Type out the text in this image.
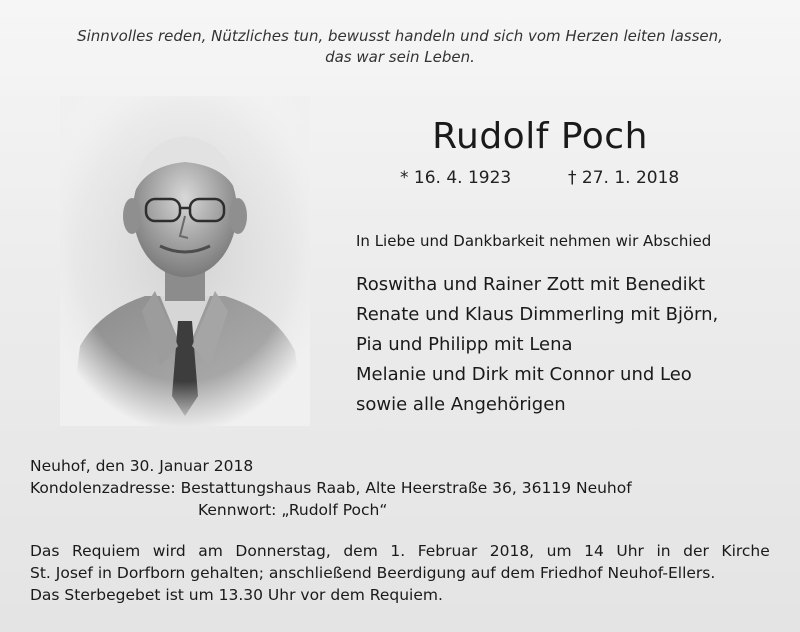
Sinnvolles reden, Nützliches tun, bewusst handeln und sich vom Herzen leiten lassen,
das war sein Leben.
Rudolf Poch
* 16. 4. 1923	† 27. 1. 2018
In Liebe und Dankbarkeit nehmen wir Abschied
Roswitha und Rainer Zott mit Benedikt
Renate und Klaus Dimmerling mit Björn,
Pia und Philipp mit Lena
Melanie und Dirk mit Connor und Leo
sowie alle Angehörigen
Neuhof, den 30. Januar 2018
Kondolenzadresse: Bestattungshaus Raab, Alte Heerstraße 36, 36119 Neuhof
Kennwort: „Rudolf Poch“
Das Requiem wird am Donnerstag, dem 1. Februar 2018, um 14 Uhr in der Kirche
St. Josef in Dorfborn gehalten; anschließend Beerdigung auf dem Friedhof Neuhof-Ellers.
Das Sterbegebet ist um 13.30 Uhr vor dem Requiem.
